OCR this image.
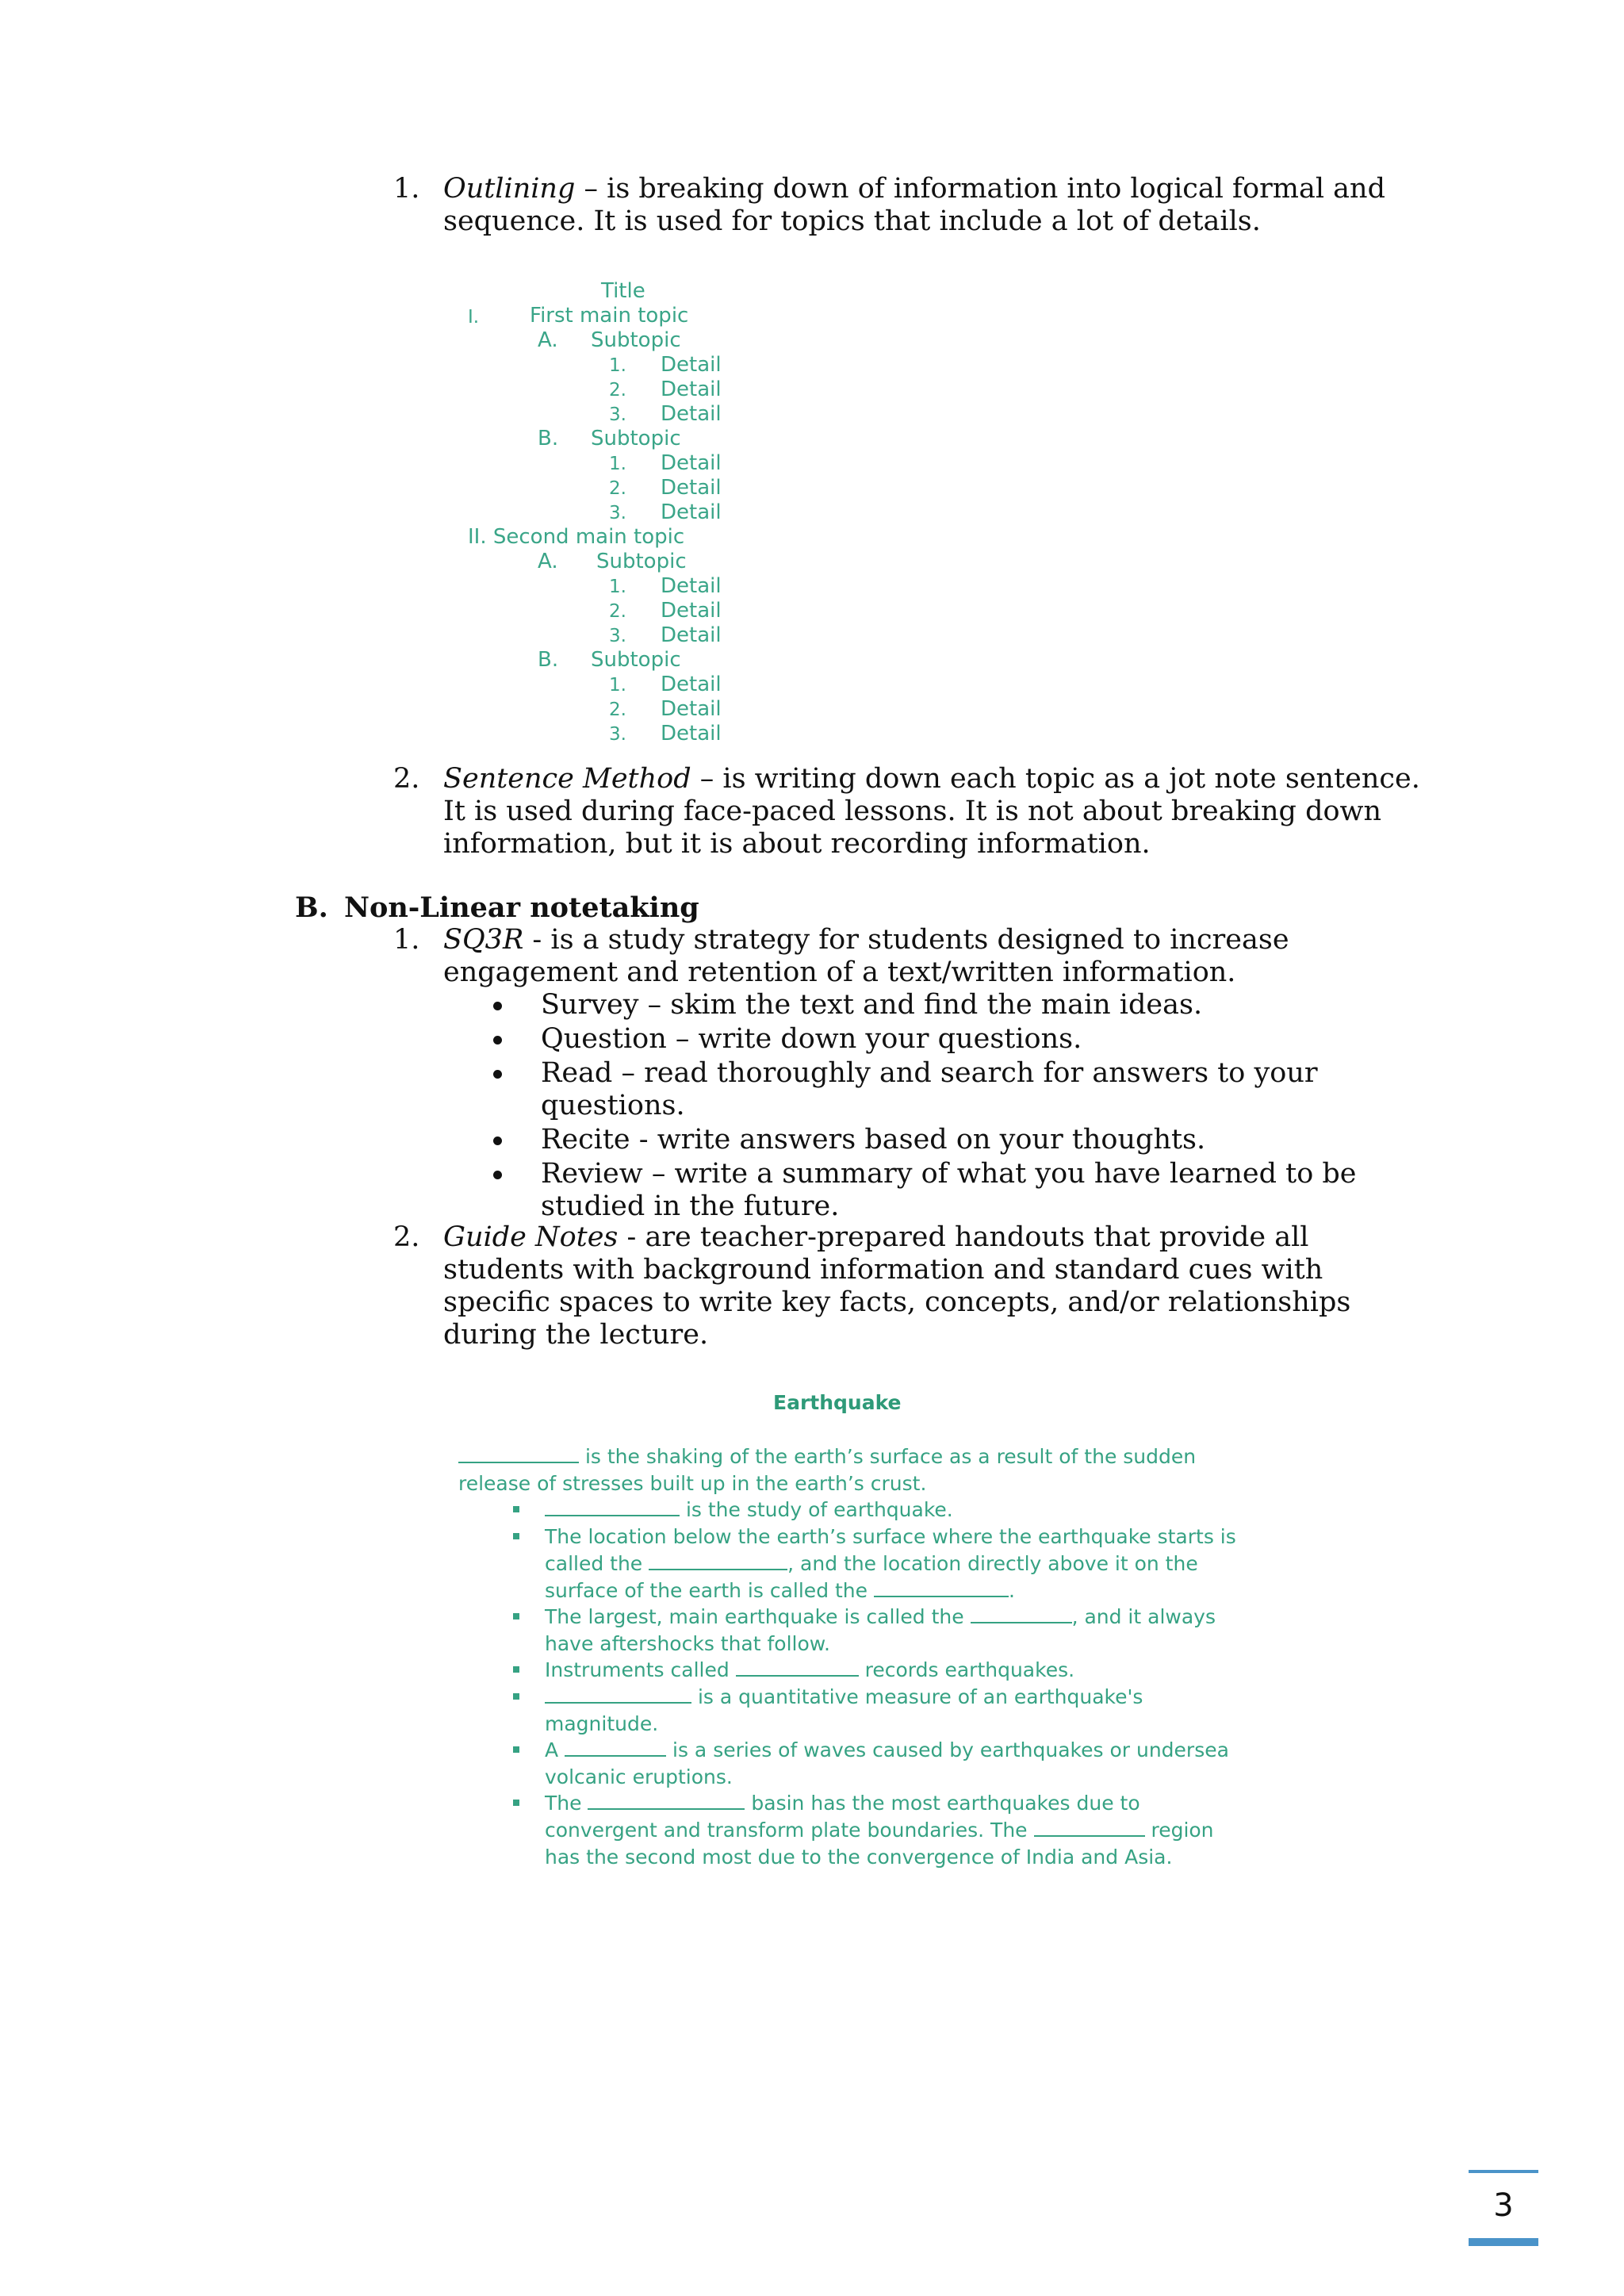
1. Outlining – is breaking down of information into logical formal and
sequence. It is used for topics that include a lot of details.
Title
I. First main topic
A. Subtopic
1. Detail
2. Detail
3. Detail
B. Subtopic
1. Detail
2. Detail
3. Detail
II. Second main topic
A. Subtopic
1. Detail
2. Detail
3. Detail
B. Subtopic
1. Detail
2. Detail
3. Detail
2. Sentence Method – is writing down each topic as a jot note sentence.
It is used during face-paced lessons. It is not about breaking down
information, but it is about recording information.
B. Non-Linear notetaking
1. SQ3R - is a study strategy for students designed to increase
engagement and retention of a text/written information.
Survey – skim the text and find the main ideas.
Question – write down your questions.
Read – read thoroughly and search for answers to your
questions.
Recite - write answers based on your thoughts.
Review – write a summary of what you have learned to be
studied in the future.
2. Guide Notes - are teacher-prepared handouts that provide all
students with background information and standard cues with
specific spaces to write key facts, concepts, and/or relationships
during the lecture.
Earthquake
is the shaking of the earth’s surface as a result of the sudden
release of stresses built up in the earth’s crust.
is the study of earthquake.
The location below the earth’s surface where the earthquake starts is
called the	, and the location directly above it on the
surface of the earth is called the	.
The largest, main earthquake is called the	, and it always
have aftershocks that follow.
Instruments called	records earthquakes.
is a quantitative measure of an earthquake's
magnitude.
A	is a series of waves caused by earthquakes or undersea
volcanic eruptions.
The	basin has the most earthquakes due to
convergent and transform plate boundaries. The	region
has the second most due to the convergence of India and Asia.
3
